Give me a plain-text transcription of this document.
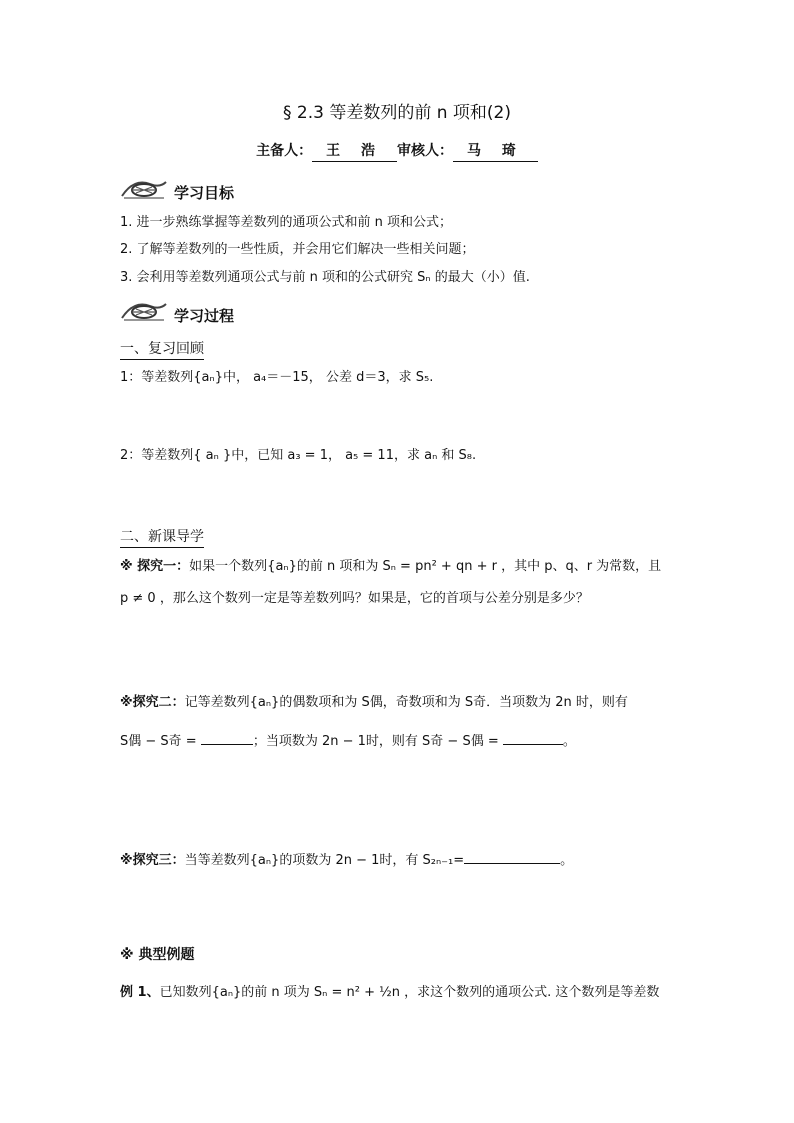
§ 2.3 等差数列的前 n 项和(2)
主备人： 王 浩 审核人： 马 琦
学习目标
1. 进一步熟练掌握等差数列的通项公式和前 n 项和公式；
2. 了解等差数列的一些性质，并会用它们解决一些相关问题；
3. 会利用等差数列通项公式与前 n 项和的公式研究 Sₙ 的最大（小）值.
学习过程
一、复习回顾
1：等差数列{aₙ}中， a₄＝－15， 公差 d＝3，求 S₅.
2：等差数列{ aₙ }中，已知 a₃ = 1， a₅ = 11，求 aₙ 和 S₈.
二、新课导学
※ 探究一：如果一个数列{aₙ}的前 n 项和为 Sₙ = pn² + qn + r ，其中 p、q、r 为常数，且
p ≠ 0 ，那么这个数列一定是等差数列吗？如果是，它的首项与公差分别是多少？
※探究二：记等差数列{aₙ}的偶数项和为 S偶，奇数项和为 S奇．当项数为 2n 时，则有
S偶 − S奇 =	；当项数为 2n − 1时，则有 S奇 − S偶 =	。
※探究三：当等差数列{aₙ}的项数为 2n − 1时，有 S₂ₙ₋₁=	。
※ 典型例题
例 1、已知数列{aₙ}的前 n 项为 Sₙ = n² + ½n ，求这个数列的通项公式. 这个数列是等差数
